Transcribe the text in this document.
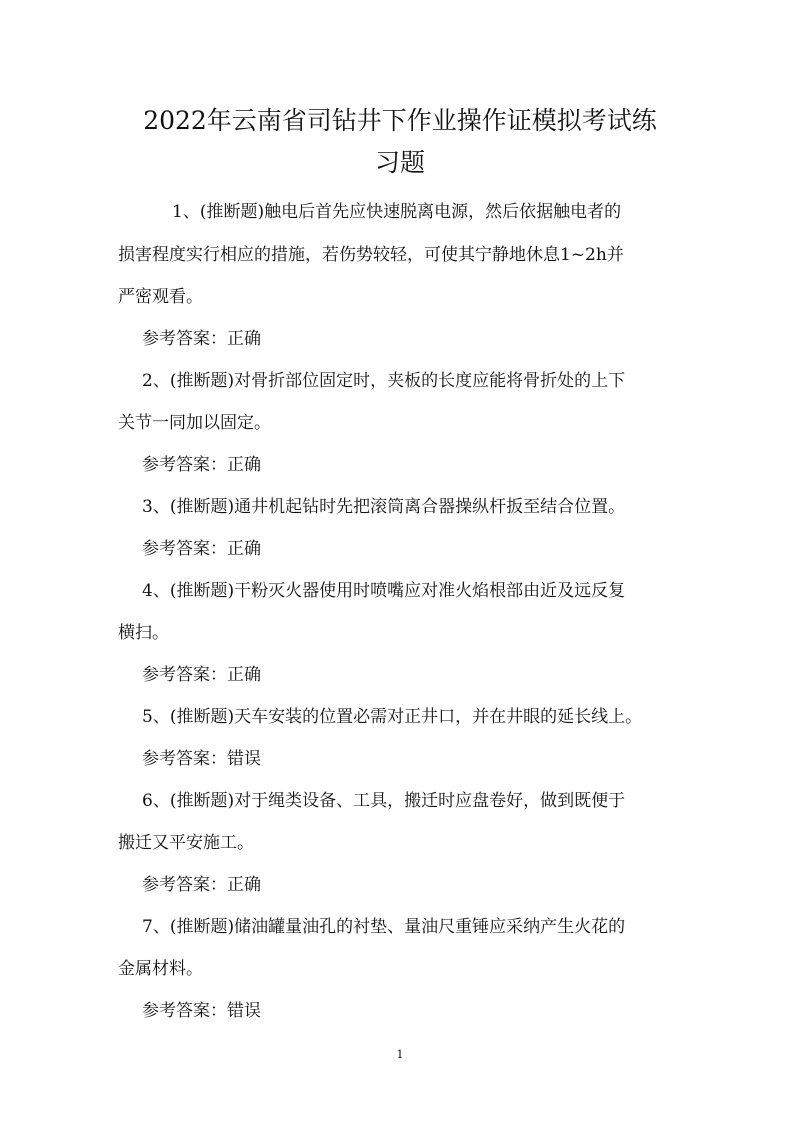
2022年云南省司钻井下作业操作证模拟考试练
习题
1、(推断题)触电后首先应快速脱离电源，然后依据触电者的
损害程度实行相应的措施，若伤势较轻，可使其宁静地休息1~2h并
严密观看。
参考答案：正确
2、(推断题)对骨折部位固定时，夹板的长度应能将骨折处的上下
关节一同加以固定。
参考答案：正确
3、(推断题)通井机起钻时先把滚筒离合器操纵杆扳至结合位置。
参考答案：正确
4、(推断题)干粉灭火器使用时喷嘴应对准火焰根部由近及远反复
横扫。
参考答案：正确
5、(推断题)天车安装的位置必需对正井口，并在井眼的延长线上。
参考答案：错误
6、(推断题)对于绳类设备、工具，搬迁时应盘卷好，做到既便于
搬迁又平安施工。
参考答案：正确
7、(推断题)储油罐量油孔的衬垫、量油尺重锤应采纳产生火花的
金属材料。
参考答案：错误
1
